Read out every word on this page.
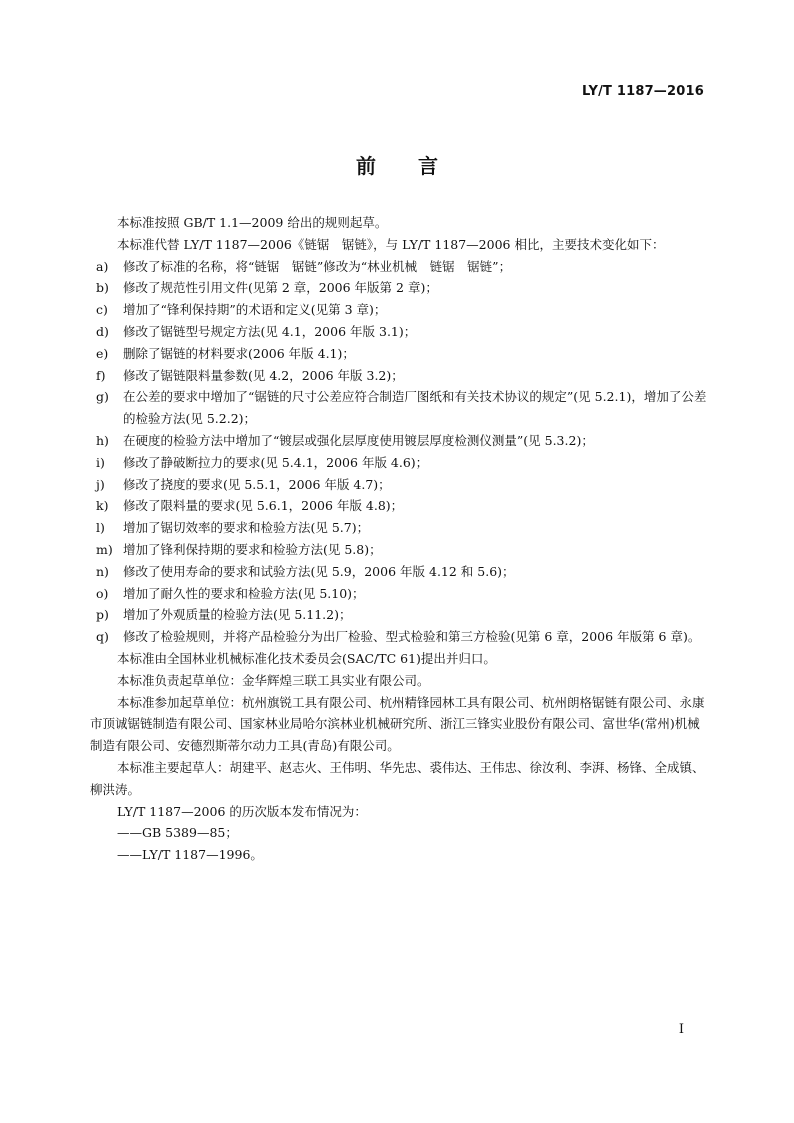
LY/T 1187—2016
前 言

本标准按照 GB/T 1.1—2009 给出的规则起草。

本标准代替 LY/T 1187—2006《链锯　锯链》，与 LY/T 1187—2006 相比，主要技术变化如下：

a)	修改了标准的名称，将“链锯　锯链”修改为“林业机械　链锯　锯链”；
b)	修改了规范性引用文件(见第 2 章，2006 年版第 2 章)；
c)	增加了“锋利保持期”的术语和定义(见第 3 章)；
d)	修改了锯链型号规定方法(见 4.1，2006 年版 3.1)；
e)	删除了锯链的材料要求(2006 年版 4.1)；
f)	修改了锯链限料量参数(见 4.2，2006 年版 3.2)；
g)	在公差的要求中增加了“锯链的尺寸公差应符合制造厂图纸和有关技术协议的规定”(见 5.2.1)，增加了公差的检验方法(见 5.2.2)；
h)	在硬度的检验方法中增加了“镀层或强化层厚度使用镀层厚度检测仪测量”(见 5.3.2)；
i)	修改了静破断拉力的要求(见 5.4.1，2006 年版 4.6)；
j)	修改了挠度的要求(见 5.5.1，2006 年版 4.7)；
k)	修改了限料量的要求(见 5.6.1，2006 年版 4.8)；
l)	增加了锯切效率的要求和检验方法(见 5.7)；
m) 增加了锋利保持期的要求和检验方法(见 5.8)；
n)	修改了使用寿命的要求和试验方法(见 5.9，2006 年版 4.12 和 5.6)；
o)	增加了耐久性的要求和检验方法(见 5.10)；
p)	增加了外观质量的检验方法(见 5.11.2)；
q)	修改了检验规则，并将产品检验分为出厂检验、型式检验和第三方检验(见第 6 章，2006 年版第 6 章)。

本标准由全国林业机械标准化技术委员会(SAC/TC 61)提出并归口。

本标准负责起草单位：金华辉煌三联工具实业有限公司。

本标准参加起草单位：杭州旗锐工具有限公司、杭州精锋园林工具有限公司、杭州朗格锯链有限公司、永康市顶诚锯链制造有限公司、国家林业局哈尔滨林业机械研究所、浙江三锋实业股份有限公司、富世华(常州)机械制造有限公司、安德烈斯蒂尔动力工具(青岛)有限公司。

本标准主要起草人：胡建平、赵志火、王伟明、华先忠、裘伟达、王伟忠、徐汝利、李湃、杨锋、全成镇、柳洪涛。

LY/T 1187—2006 的历次版本发布情况为：

——GB 5389—85；

——LY/T 1187—1996。

I
